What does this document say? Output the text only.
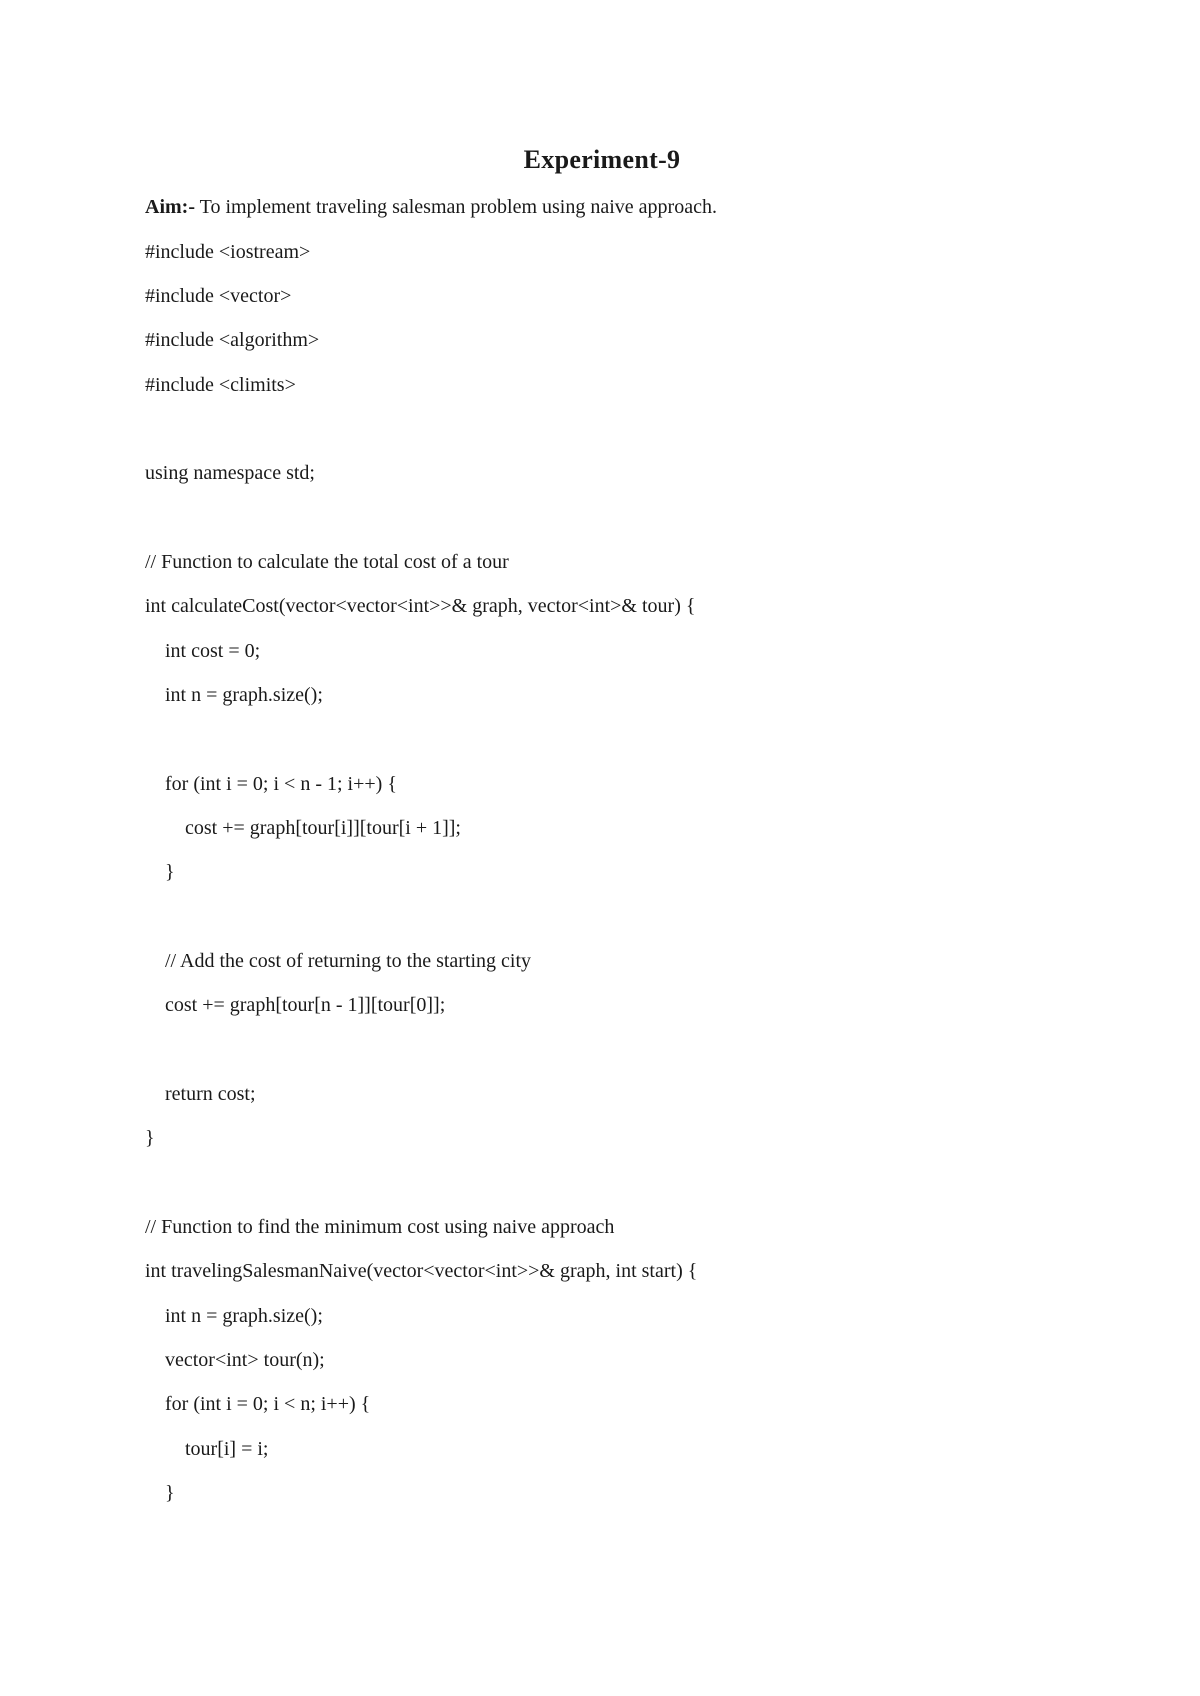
Experiment-9
Aim:- To implement traveling salesman problem using naive approach.
#include <iostream>
#include <vector>
#include <algorithm>
#include <climits>
using namespace std;
// Function to calculate the total cost of a tour
int calculateCost(vector<vector<int>>& graph, vector<int>& tour) {
int cost = 0;
int n = graph.size();
for (int i = 0; i < n - 1; i++) {
cost += graph[tour[i]][tour[i + 1]];
}
// Add the cost of returning to the starting city
cost += graph[tour[n - 1]][tour[0]];
return cost;
}
// Function to find the minimum cost using naive approach
int travelingSalesmanNaive(vector<vector<int>>& graph, int start) {
int n = graph.size();
vector<int> tour(n);
for (int i = 0; i < n; i++) {
tour[i] = i;
}
